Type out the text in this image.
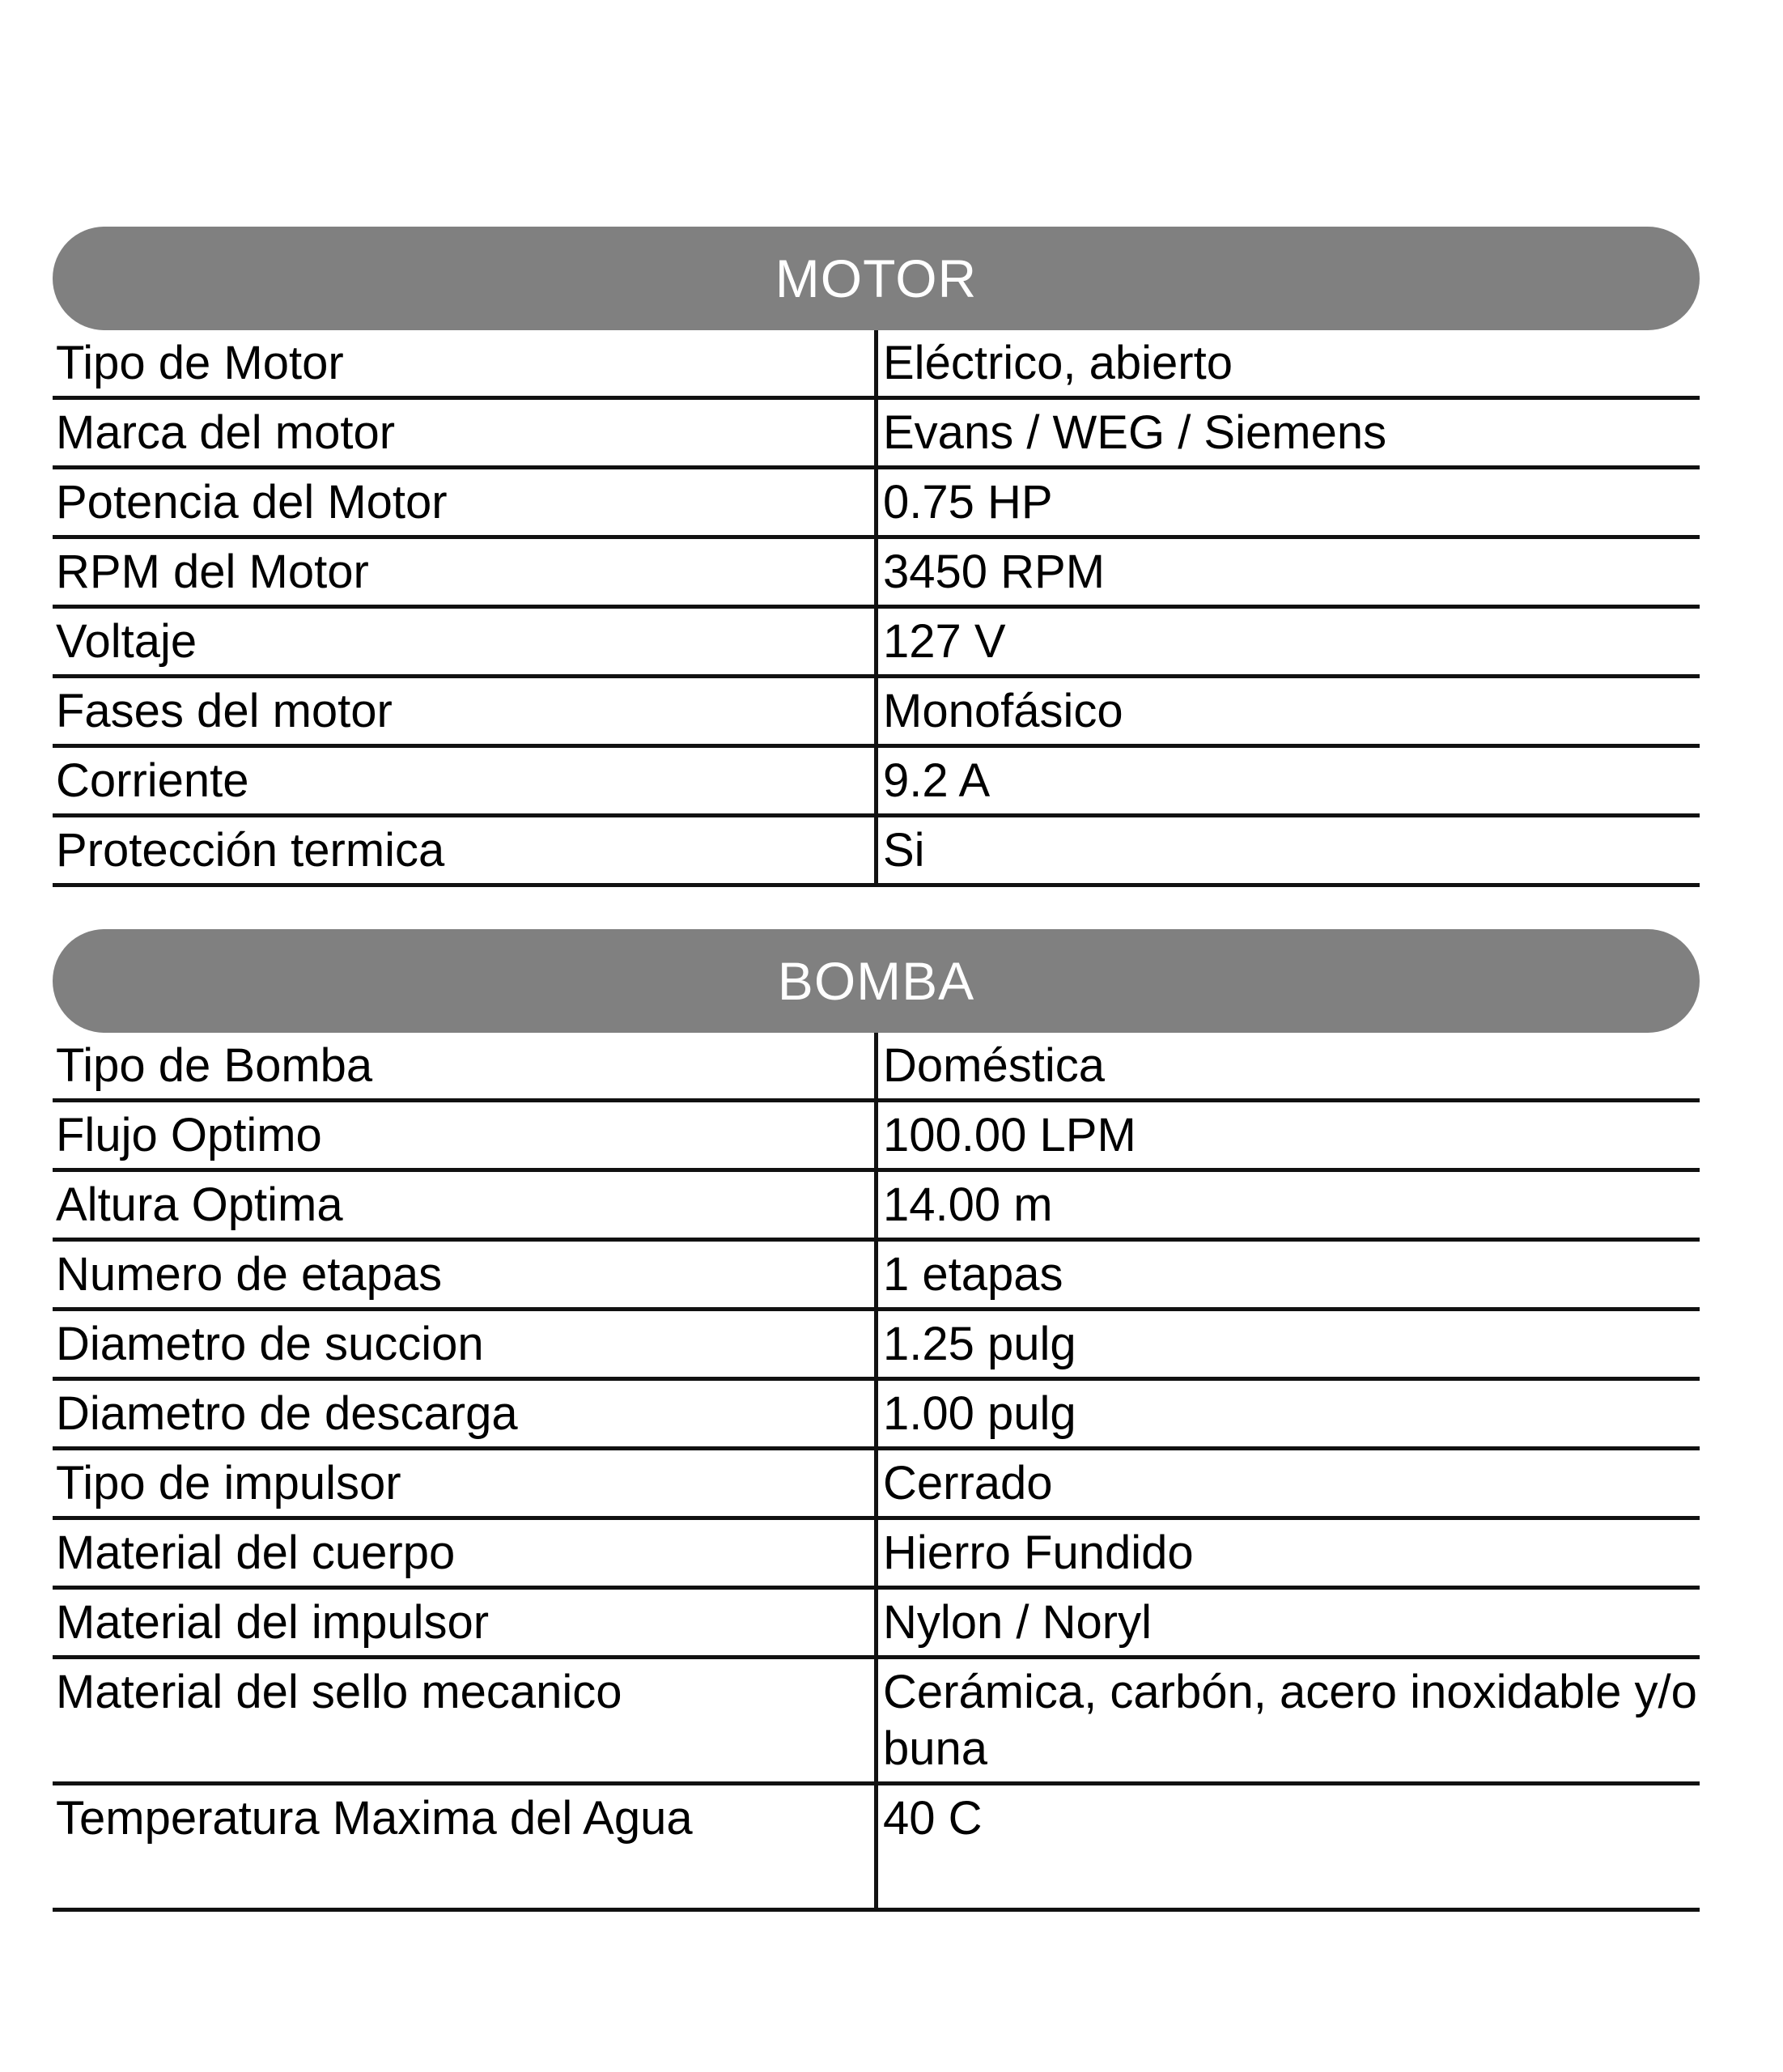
MOTOR
Tipo de Motor	Eléctrico, abierto
Marca del motor	Evans / WEG / Siemens
Potencia del Motor	0.75 HP
RPM del Motor	3450 RPM
Voltaje	127 V
Fases del motor	Monofásico
Corriente	9.2 A
Protección termica	Si
BOMBA
Tipo de Bomba	Doméstica
Flujo Optimo	100.00 LPM
Altura Optima	14.00 m
Numero de etapas	1 etapas
Diametro de succion	1.25 pulg
Diametro de descarga	1.00 pulg
Tipo de impulsor	Cerrado
Material del cuerpo	Hierro Fundido
Material del impulsor	Nylon / Noryl
Material del sello mecanico	Cerámica, carbón, acero inoxidable y/o buna
Temperatura Maxima del Agua	40 C
